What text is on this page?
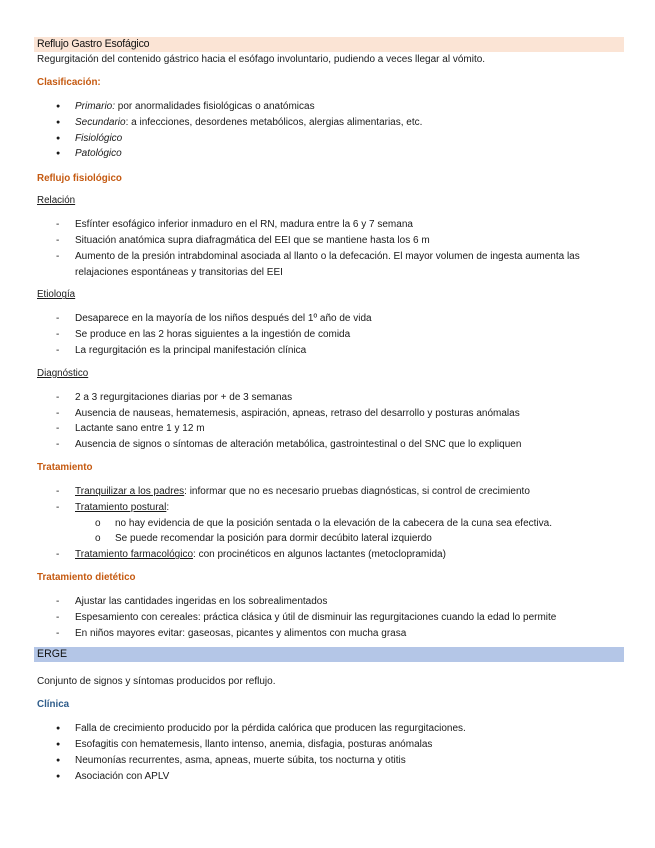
Reflujo Gastro Esofágico

Regurgitación del contenido gástrico hacia el esófago involuntario, pudiendo a veces llegar al vómito.

Clasificación:
● Primario: por anormalidades fisiológicas o anatómicas
● Secundario: a infecciones, desordenes metabólicos, alergias alimentarias, etc.
● Fisiológico
● Patológico
Reflujo fisiológico
Relación
- Esfínter esofágico inferior inmaduro en el RN, madura entre la 6 y 7 semana
- Situación anatómica supra diafragmática del EEI que se mantiene hasta los 6 m
- Aumento de la presión intrabdominal asociada al llanto o la defecación. El mayor volumen de ingesta aumenta las relajaciones espontáneas y transitorias del EEI
Etiología
- Desaparece en la mayoría de los niños después del 1º año de vida
- Se produce en las 2 horas siguientes a la ingestión de comida
- La regurgitación es la principal manifestación clínica
Diagnóstico
- 2 a 3 regurgitaciones diarias por + de 3 semanas
- Ausencia de nauseas, hematemesis, aspiración, apneas, retraso del desarrollo y posturas anómalas
- Lactante sano entre 1 y 12 m
- Ausencia de signos o síntomas de alteración metabólica, gastrointestinal o del SNC que lo expliquen
Tratamiento
- Tranquilizar a los padres: informar que no es necesario pruebas diagnósticas, si control de crecimiento
- Tratamiento postural:
o no hay evidencia de que la posición sentada o la elevación de la cabecera de la cuna sea efectiva.
o Se puede recomendar la posición para dormir decúbito lateral izquierdo
- Tratamiento farmacológico: con procinéticos en algunos lactantes (metoclopramida)
Tratamiento dietético
- Ajustar las cantidades ingeridas en los sobrealimentados
- Espesamiento con cereales: práctica clásica y útil de disminuir las regurgitaciones cuando la edad lo permite
- En niños mayores evitar: gaseosas, picantes y alimentos con mucha grasa
ERGE

Conjunto de signos y síntomas producidos por reflujo.

Clínica
● Falla de crecimiento producido por la pérdida calórica que producen las regurgitaciones.
● Esofagitis con hematemesis, llanto intenso, anemia, disfagia, posturas anómalas
● Neumonías recurrentes, asma, apneas, muerte súbita, tos nocturna y otitis
● Asociación con APLV
